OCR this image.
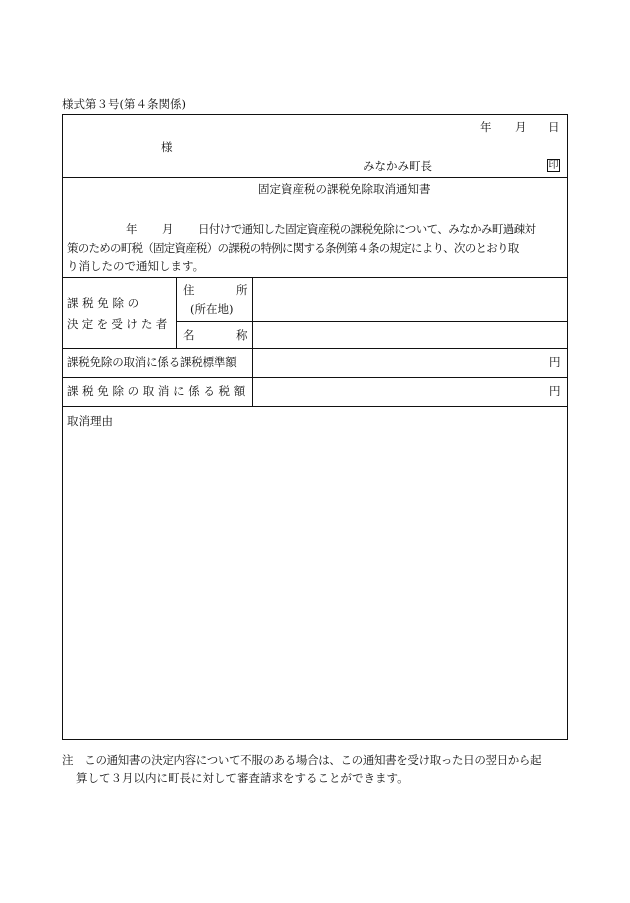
様式第３号(第４条関係)
年 月 日
様
みなかみ町長	印
固定資産税の課税免除取消通知書
年 月 日付けで通知した固定資産税の課税免除について、みなかみ町過疎対
策のための町税（固定資産税）の課税の特例に関する条例第４条の規定により、次のとおり取
り消したので通知します。
課 税 免 除 の
決定を受けた者
住	所
(所在地)
名	称
課税免除の取消に係る課税標準額	円
課 税 免 除 の 取 消 に 係 る 税 額	円
取消理由
注　この通知書の決定内容について不服のある場合は、この通知書を受け取った日の翌日から起
算して３月以内に町長に対して審査請求をすることができます。
